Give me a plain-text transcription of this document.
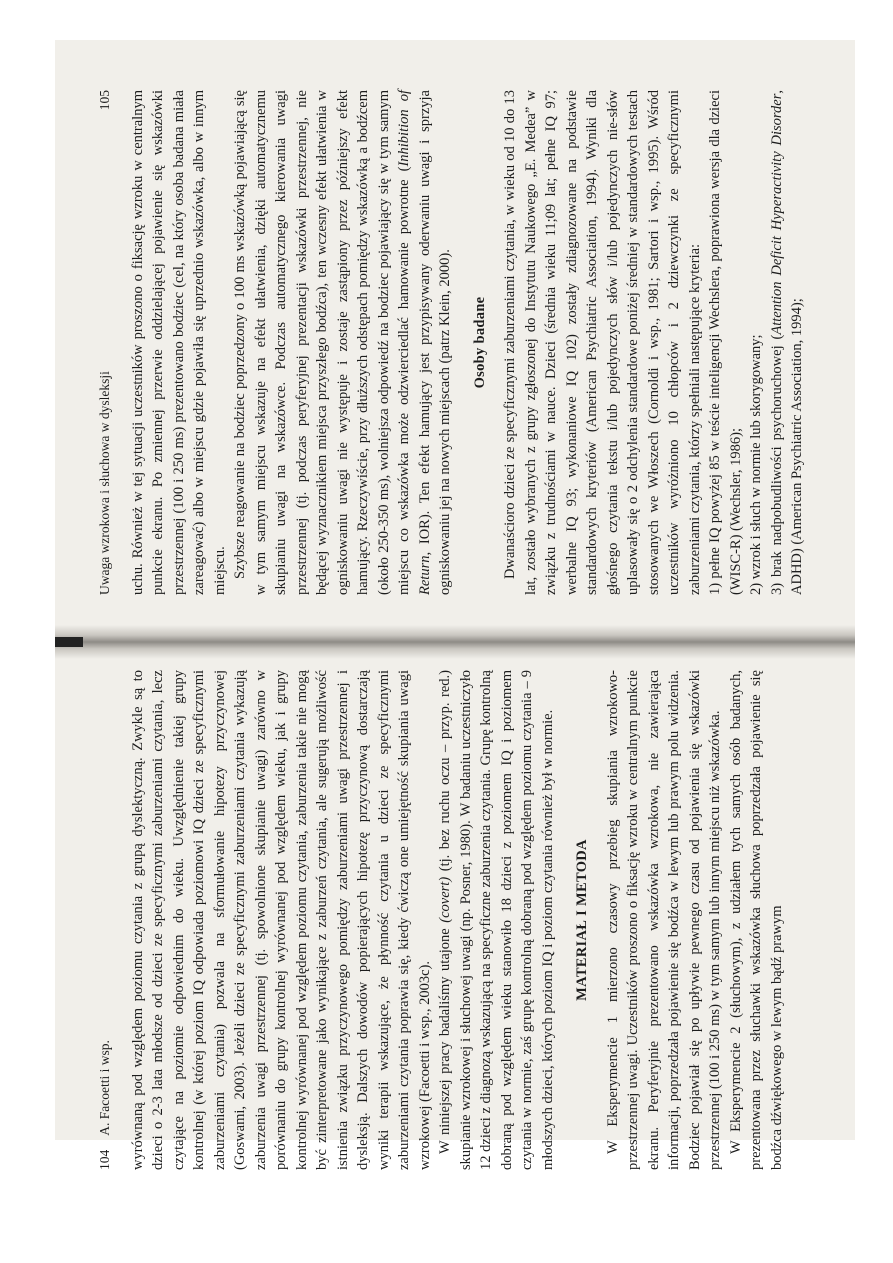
Uwaga wzrokowa i słuchowa w dysleksji
105 uchu. Również w tej sytuacji uczestników proszono o fiksację wzroku w centralnym punkcie ekranu. Po zmiennej przerwie oddzielającej pojawienie się wskazówki przestrzennej (100 i 250 ms) prezentowano bodziec (cel, na który osoba badana miała zareagować) albo w miejscu gdzie pojawiła się uprzednio wskazówka, albo w innym miejscu. Szybsze reagowanie na bodziec poprzedzony o 100 ms wskazówką pojawiającą się w tym samym miejscu wskazuje na efekt ułatwienia, dzięki automatycznemu skupianiu uwagi na wskazówce. Podczas automatycznego kierowania uwagi przestrzennej (tj. podczas peryferyjnej prezentacji wskazówki przestrzennej, nie będącej wyznacznikiem miejsca przyszłego bodźca), ten wczesny efekt ułatwienia w ogniskowaniu uwagi nie występuje i zostaje zastąpiony przez późniejszy efekt hamujący. Rzeczywiście, przy dłuższych odstępach pomiędzy wskazówką a bodźcem (około 250-350 ms), wolniejsza odpowiedź na bodziec pojawiający się w tym samym miejscu co wskazówka może odzwierciedlać hamowanie powrotne (Inhibition of Return, IOR). Ten efekt hamujący jest przypisywany oderwaniu uwagi i sprzyja ogniskowaniu jej na nowych miejscach (patrz Klein, 2000). Osoby badane Dwanaściorо dzieci ze specyficznymi zaburzeniami czytania, w wieku od 10 do 13 lat, zostało wybranych z grupy zgłoszonej do Instytutu Naukowego „E. Medea” w związku z trudnościami w nauce. Dzieci (średnia wieku 11;09 lat; pełne IQ 97; werbalne IQ 93; wykonaniowe IQ 102) zostały zdiagnozowane na podstawie standardowych kryteriów (American Psychiatric Association, 1994). Wyniki dla głośnego czytania tekstu i/lub pojedynczych słów i/lub pojedynczych nie-słów uplasowały się o 2 odchylenia standardowe poniżej średniej w standardowych testach stosowanych we Włoszech (Cornoldi i wsp., 1981; Sartori i wsp., 1995). Wśród uczestników wyróżniono 10 chłopców i 2 dziewczynki ze specyficznymi zaburzeniami czytania, którzy spełniali następujące kryteria: 1) pełne IQ powyżej 85 w teście inteligencji Wechslera, poprawiona wersja dla dzieci (WISC-R) (Wechsler, 1986); 2) wzrok i słuch w normie lub skorygowany; 3) brak nadpobudliwości psychoruchowej (Attention Deficit Hyperactivity Disorder, ADHD) (American Psychiatric Association, 1994);

104
A. Facoetti i wsp. wyrównaną pod względem poziomu czytania z grupą dyslektyczną. Zwykle są to dzieci o 2-3 lata młodsze od dzieci ze specyficznymi zaburzeniami czytania, lecz czytające na poziomie odpowiednim do wieku. Uwzględnienie takiej grupy kontrolnej (w której poziom IQ odpowiada poziomowi IQ dzieci ze specyficznymi zaburzeniami czytania) pozwala na sformułowanie hipotezy przyczynowej (Goswami, 2003). Jeżeli dzieci ze specyficznymi zaburzeniami czytania wykazują zaburzenia uwagi przestrzennej (tj. spowolnione skupianie uwagi) zarówno w porównaniu do grupy kontrolnej wyrównanej pod względem wieku, jak i grupy kontrolnej wyrównanej pod względem poziomu czytania, zaburzenia takie nie mogą być zinterpretowane jako wynikające z zaburzeń czytania, ale sugerują możliwość istnienia związku przyczynowego pomiędzy zaburzeniami uwagi przestrzennej i dysleksją. Dalszych dowodów popierających hipotezę przyczynową dostarczają wyniki terapii wskazujące, że płynność czytania u dzieci ze specyficznymi zaburzeniami czytania poprawia się, kiedy ćwiczą one umiejętność skupiania uwagi wzrokowej (Facoetti i wsp., 2003c). W niniejszej pracy badaliśmy utajone (covert) (tj. bez ruchu oczu – przyp. red.) skupianie wzrokowej i słuchowej uwagi (np. Posner, 1980). W badaniu uczestniczyło 12 dzieci z diagnozą wskazującą na specyficzne zaburzenia czytania. Grupę kontrolną dobraną pod względem wieku stanowiło 18 dzieci z poziomem IQ i poziomem czytania w normie, zaś grupę kontrolną dobraną pod względem poziomu czytania – 9 młodszych dzieci, których poziom IQ i poziom czytania również był w normie. MATERIAŁ I METODA W Eksperymencie 1 mierzono czasowy przebieg skupiania wzrokowo-przestrzennej uwagi. Uczestników proszono o fiksację wzroku w centralnym punkcie ekranu. Peryferyjnie prezentowano wskazówka wzrokowa, nie zawierająca informacji, poprzedzała pojawienie się bodźca w lewym lub prawym polu widzenia. Bodziec pojawiał się po upływie pewnego czasu od pojawienia się wskazówki przestrzennej (100 i 250 ms) w tym samym lub innym miejscu niż wskazówka. W Eksperymencie 2 (słuchowym), z udziałem tych samych osób badanych, prezentowana przez słuchawki wskazówka słuchowa poprzedzała pojawienie się bodźca dźwiękowego w lewym bądź prawym
